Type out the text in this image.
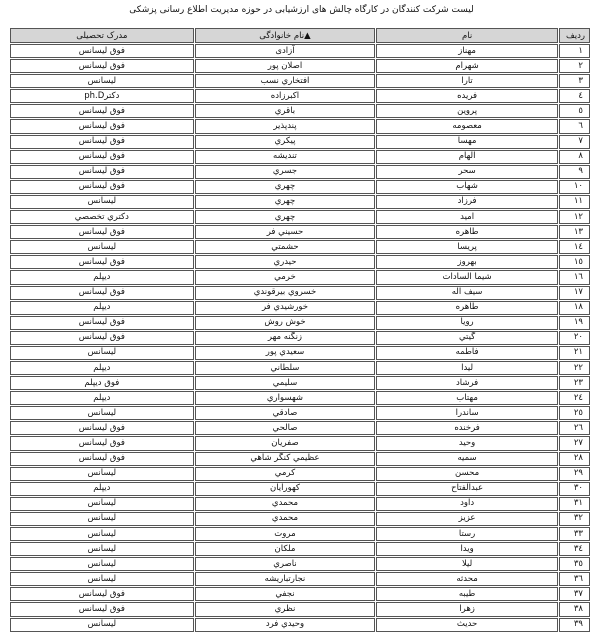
لیست شرکت کنندگان در کارگاه چالش های ارزشیابی در حوزه مدیریت اطلاع رسانی پزشکی
ردیف	نام	▲نام خانوادگی	مدرک تحصیلی
١	مهناز	آزادی	فوق لیسانس
٢	شهرام	اصلان پور	فوق لیسانس
٣	تارا	افتخاري نسب	لیسانس
٤	فریده	اکبرزاده	دکترph.D
٥	پروین	باقري	فوق لیسانس
٦	معصومه	پندپذیر	فوق لیسانس
٧	مهسا	پیکري	فوق لیسانس
٨	الهام	تندیشه	فوق لیسانس
٩	سحر	جسري	فوق لیسانس
١٠	شهاب	چهري	فوق لیسانس
١١	فرزاد	چهري	لیسانس
١٢	امید	چهري	دکتري تخصصي
١٣	طاهره	حسیني فر	فوق لیسانس
١٤	پریسا	حشمتي	لیسانس
١٥	بهروز	حیدري	فوق لیسانس
١٦	شیما السادات	خرمي	دیپلم
١٧	سیف اله	خسروي بیرقوندي	فوق لیسانس
١٨	طاهره	خورشیدي فر	دیپلم
١٩	رویا	خوش روش	فوق لیسانس
٢٠	گیتي	زنگنه مهر	فوق لیسانس
٢١	فاطمه	سعیدي پور	لیسانس
٢٢	لیدا	سلطاني	دیپلم
٢٣	فرشاد	سلیمي	فوق دیپلم
٢٤	مهتاب	شهسواري	دیپلم
٢٥	ساندرا	صادقي	لیسانس
٢٦	فرخنده	صالحي	فوق لیسانس
٢٧	وحید	صفریان	فوق لیسانس
٢٨	سمیه	عظیمي کنگر شاهي	فوق لیسانس
٢٩	محسن	کرمي	لیسانس
٣٠	عبدالفتاح	کهورایان	دیپلم
٣١	داود	محمدي	لیسانس
٣٢	عزیز	محمدي	لیسانس
٣٣	رستا	مروت	لیسانس
٣٤	ویدا	ملکان	لیسانس
٣٥	لیلا	ناصري	لیسانس
٣٦	محدثه	نجارتباریشه	لیسانس
٣٧	طیبه	نجفي	فوق لیسانس
٣٨	زهرا	نظري	فوق لیسانس
٣٩	حدیث	وحیدي فرد	لیسانس
